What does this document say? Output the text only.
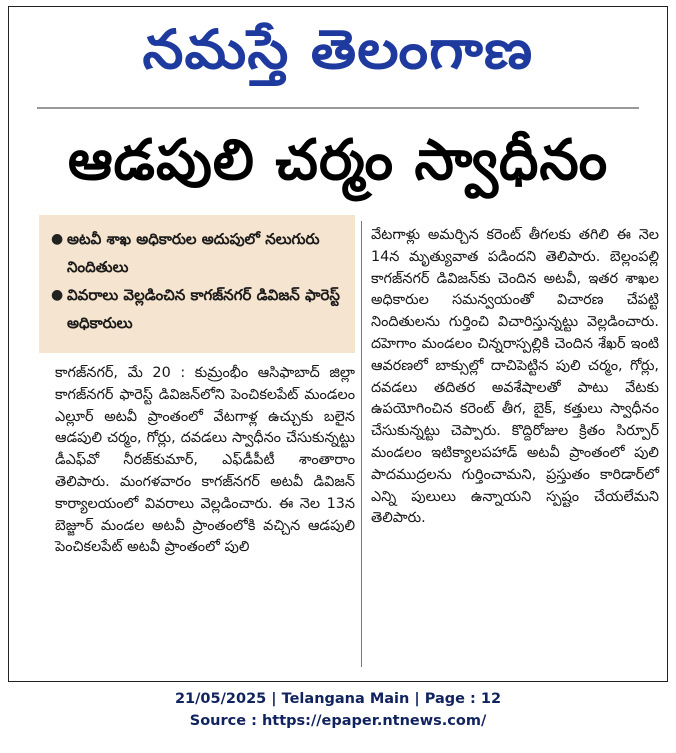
నమస్తే తెలంగాణ
ఆడపులి చర్మం స్వాధీనం
● అటవీ శాఖ అధికారుల అదుపులో నలుగురు నిందితులు
● వివరాలు వెల్లడించిన కాగజ్‌నగర్ డివిజన్ ఫారెస్ట్ అధికారులు
కాగజ్‌నగర్, మే 20 : కుమ్రంభీం ఆసిఫాబాద్ జిల్లా కాగజ్‌నగర్ ఫారెస్ట్ డివిజన్‌లోని పెంచికలపేట్ మండలం ఎల్లూర్ అటవీ ప్రాంతంలో వేటగాళ్ల ఉచ్చుకు బలైన ఆడపులి చర్మం, గోర్లు, దవడలు స్వాధీనం చేసుకున్నట్టు డీఎఫ్‌వో నీరజ్‌కుమార్, ఎఫ్‌డీపీటీ శాంతారాం తెలిపారు. మంగళవారం కాగజ్‌నగర్ అటవీ డివిజన్ కార్యాలయంలో వివరాలు వెల్లడించారు. ఈ నెల 13న బెజ్జూర్ మండల అటవీ ప్రాంతంలోకి వచ్చిన ఆడపులి పెంచికలపేట్ అటవీ ప్రాంతంలో పులి
వేటగాళ్లు అమర్చిన కరెంట్ తీగలకు తగిలి ఈ నెల 14న మృత్యువాత పడిందని తెలిపారు. బెల్లంపల్లి కాగజ్‌నగర్ డివిజన్‌కు చెందిన అటవీ, ఇతర శాఖల అధికారుల సమన్వయంతో విచారణ చేపట్టి నిందితులను గుర్తించి విచారిస్తున్నట్టు వెల్లడించారు. దహెగాం మండలం చిన్నరాస్పల్లికి చెందిన శేఖర్ ఇంటి ఆవరణలో బాక్సుల్లో దాచిపెట్టిన పులి చర్మం, గోర్లు, దవడలు తదితర అవశేషాలతో పాటు వేటకు ఉపయోగించిన కరెంట్ తీగ, బైక్, కత్తులు స్వాధీనం చేసుకున్నట్టు చెప్పారు. కొద్దిరోజుల క్రితం సిర్పూర్ మండలం ఇటిక్యాలపహాడ్ అటవీ ప్రాంతంలో పులి పాదముద్రలను గుర్తించామని, ప్రస్తుతం కారిడార్‌లో ఎన్ని పులులు ఉన్నాయని స్పష్టం చేయలేమని తెలిపారు.
21/05/2025 | Telangana Main | Page : 12
Source : https://epaper.ntnews.com/
